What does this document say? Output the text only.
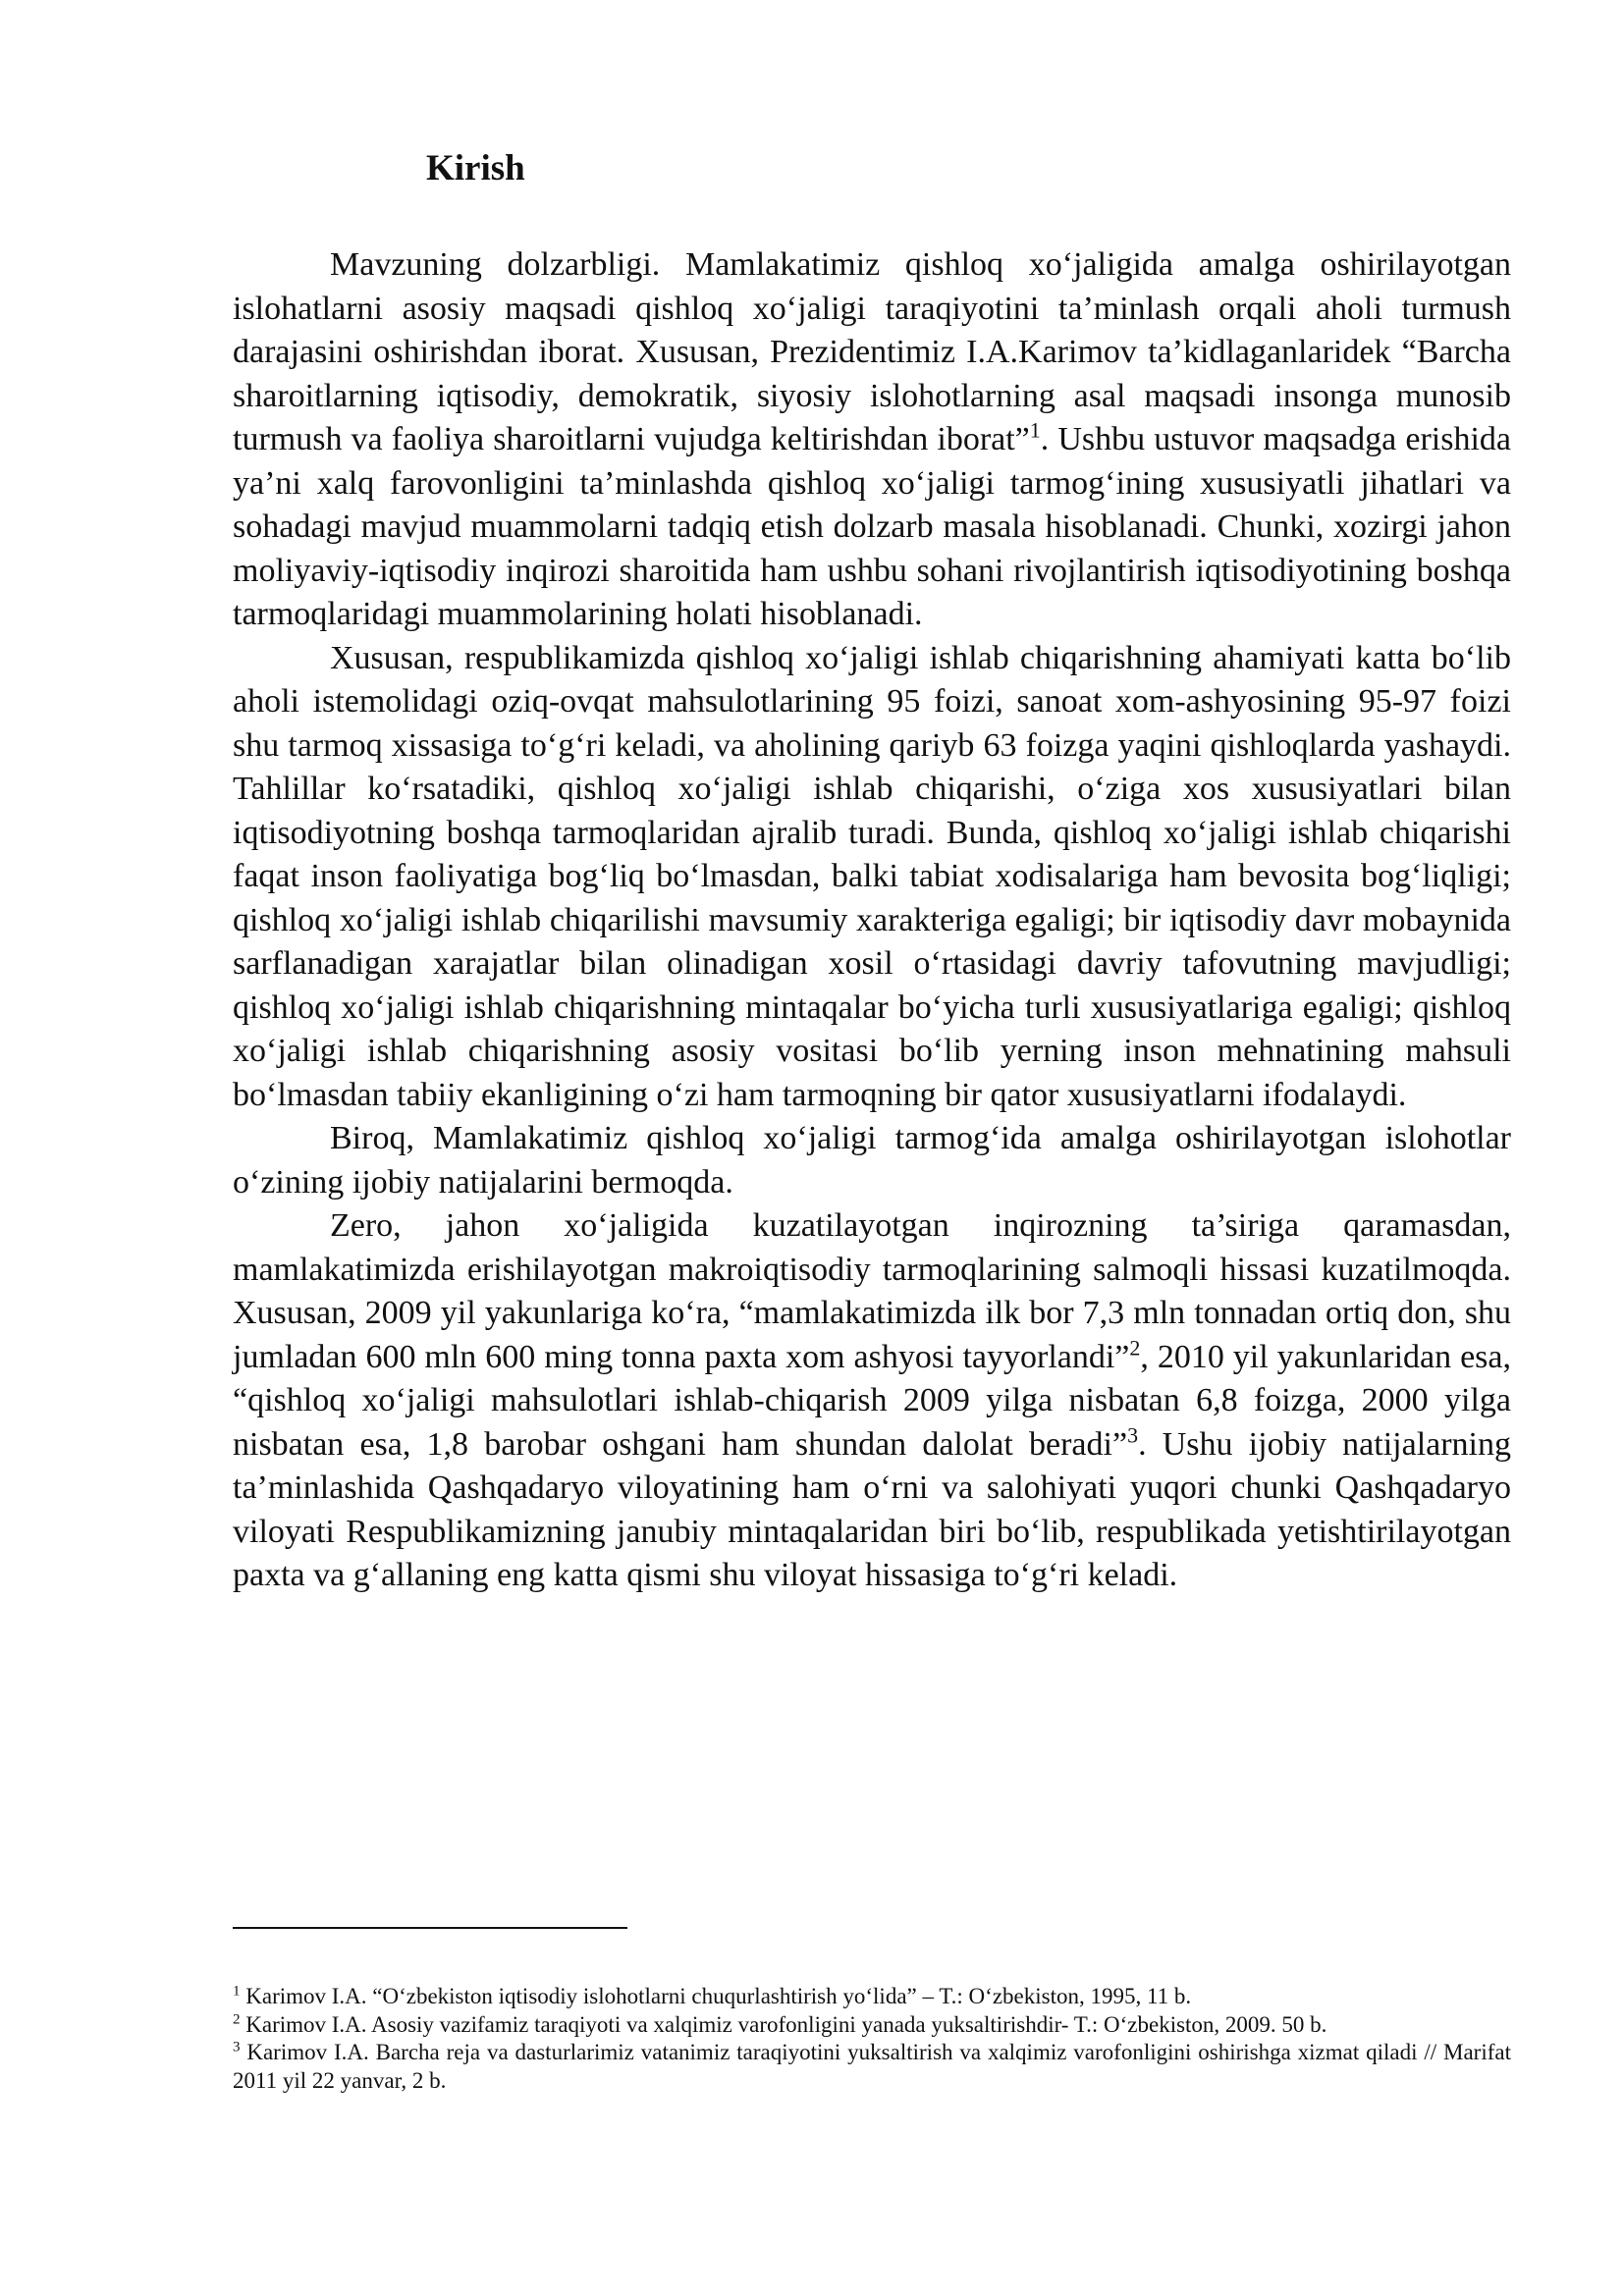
Kirish

Mavzuning dolzarbligi. Mamlakatimiz qishloq xo‘jaligida amalga oshirilayotgan islohatlarni asosiy maqsadi qishloq xo‘jaligi taraqiyotini ta’minlash orqali aholi turmush darajasini oshirishdan iborat. Xususan, Prezidentimiz I.A.Karimov ta’kidlaganlaridek “Barcha sharoitlarning iqtisodiy, demokratik, siyosiy islohotlarning asal maqsadi insonga munosib turmush va faoliya sharoitlarni vujudga keltirishdan iborat”$^1$. Ushbu ustuvor maqsadga erishida ya’ni xalq farovonligini ta’minlashda qishloq xo‘jaligi tarmog‘ining xususiyatli jihatlari va sohadagi mavjud muammolarni tadqiq etish dolzarb masala hisoblanadi. Chunki, xozirgi jahon moliyaviy-iqtisodiy inqirozi sharoitida ham ushbu sohani rivojlantirish iqtisodiyotining boshqa tarmoqlaridagi muammolarining holati hisoblanadi.

Xususan, respublikamizda qishloq xo‘jaligi ishlab chiqarishning ahamiyati katta bo‘lib aholi istemolidagi oziq-ovqat mahsulotlarining 95 foizi, sanoat xom-ashyosining 95-97 foizi shu tarmoq xissasiga to‘g‘ri keladi, va aholining qariyb 63 foizga yaqini qishloqlarda yashaydi. Tahlillar ko‘rsatadiki, qishloq xo‘jaligi ishlab chiqarishi, o‘ziga xos xususiyatlari bilan iqtisodiyotning boshqa tarmoqlaridan ajralib turadi. Bunda, qishloq xo‘jaligi ishlab chiqarishi faqat inson faoliyatiga bog‘liq bo‘lmasdan, balki tabiat xodisalariga ham bevosita bog‘liqligi; qishloq xo‘jaligi ishlab chiqarilishi mavsumiy xarakteriga egaligi; bir iqtisodiy davr mobaynida sarflanadigan xarajatlar bilan olinadigan xosil o‘rtasidagi davriy tafovutning mavjudligi; qishloq xo‘jaligi ishlab chiqarishning mintaqalar bo‘yicha turli xususiyatlariga egaligi; qishloq xo‘jaligi ishlab chiqarishning asosiy vositasi bo‘lib yerning inson mehnatining mahsuli bo‘lmasdan tabiiy ekanligining o‘zi ham tarmoqning bir qator xususiyatlarni ifodalaydi.

Biroq, Mamlakatimiz qishloq xo‘jaligi tarmog‘ida amalga oshirilayotgan islohotlar o‘zining ijobiy natijalarini bermoqda.

Zero, jahon xo‘jaligida kuzatilayotgan inqirozning ta’siriga qaramasdan, mamlakatimizda erishilayotgan makroiqtisodiy tarmoqlarining salmoqli hissasi kuzatilmoqda. Xususan, 2009 yil yakunlariga ko‘ra, “mamlakatimizda ilk bor 7,3 mln tonnadan ortiq don, shu jumladan 600 mln 600 ming tonna paxta xom ashyosi tayyorlandi”$^2$, 2010 yil yakunlaridan esa, “qishloq xo‘jaligi mahsulotlari ishlab-chiqarish 2009 yilga nisbatan 6,8 foizga, 2000 yilga nisbatan esa, 1,8 barobar oshgani ham shundan dalolat beradi”$^3$. Ushu ijobiy natijalarning ta’minlashida Qashqadaryo viloyatining ham o‘rni va salohiyati yuqori chunki Qashqadaryo viloyati Respublikamizning janubiy mintaqalaridan biri bo‘lib, respublikada yetishtirilayotgan paxta va g‘allaning eng katta qismi shu viloyat hissasiga to‘g‘ri keladi.

$^1$ Karimov I.A. “O‘zbekiston iqtisodiy islohotlarni chuqurlashtirish yo‘lida” – T.: O‘zbekiston, 1995, 11 b.

$^2$ Karimov I.A. Asosiy vazifamiz taraqiyoti va xalqimiz varofonligini yanada yuksaltirishdir- T.: O‘zbekiston, 2009. 50 b.

$^3$ Karimov I.A. Barcha reja va dasturlarimiz vatanimiz taraqiyotini yuksaltirish va xalqimiz varofonligini oshirishga xizmat qiladi // Marifat 2011 yil 22 yanvar, 2 b.
